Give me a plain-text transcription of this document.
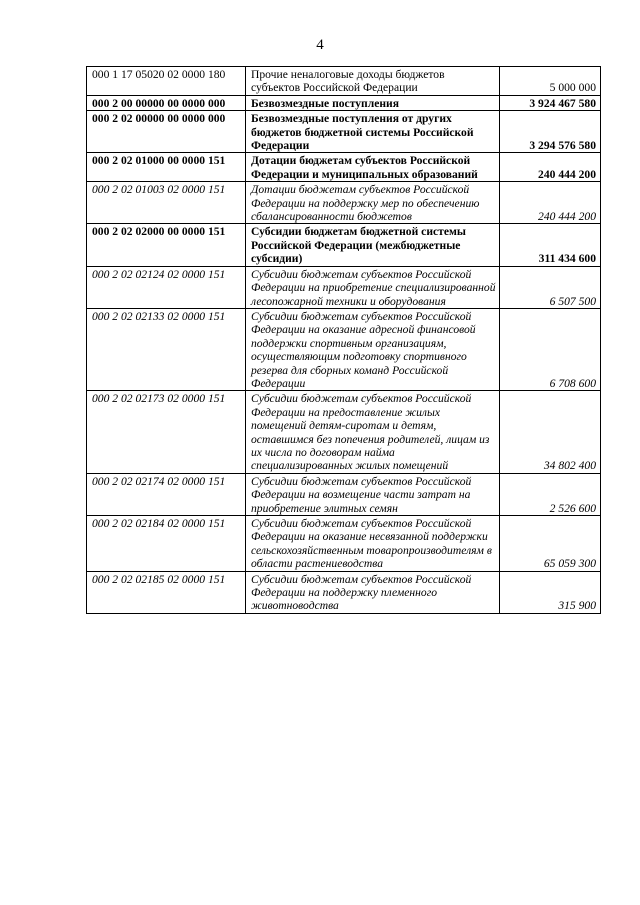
4
000 1 17 05020 02 0000 180	Прочие неналоговые доходы бюджетов субъектов Российской Федерации	5 000 000
000 2 00 00000 00 0000 000	Безвозмездные поступления	3 924 467 580
000 2 02 00000 00 0000 000	Безвозмездные поступления от других бюджетов бюджетной системы Российской Федерации	3 294 576 580
000 2 02 01000 00 0000 151	Дотации бюджетам субъектов Российской Федерации и муниципальных образований	240 444 200
000 2 02 01003 02 0000 151	Дотации бюджетам субъектов Российской Федерации на поддержку мер по обеспечению сбалансированности бюджетов	240 444 200
000 2 02 02000 00 0000 151	Субсидии бюджетам бюджетной системы Российской Федерации (межбюджетные субсидии)	311 434 600
000 2 02 02124 02 0000 151	Субсидии бюджетам субъектов Российской Федерации на приобретение специализированной лесопожарной техники и оборудования	6 507 500
000 2 02 02133 02 0000 151	Субсидии бюджетам субъектов Российской Федерации на оказание адресной финансовой поддержки спортивным организациям, осуществляющим подготовку спортивного резерва для сборных команд Российской Федерации	6 708 600
000 2 02 02173 02 0000 151	Субсидии бюджетам субъектов Российской Федерации на предоставление жилых помещений детям-сиротам и детям, оставшимся без попечения родителей, лицам из их числа по договорам найма специализированных жилых помещений	34 802 400
000 2 02 02174 02 0000 151	Субсидии бюджетам субъектов Российской Федерации на возмещение части затрат на приобретение элитных семян	2 526 600
000 2 02 02184 02 0000 151	Субсидии бюджетам субъектов Российской Федерации на оказание несвязанной поддержки сельскохозяйственным товаропроизводителям в области растениеводства	65 059 300
000 2 02 02185 02 0000 151	Субсидии бюджетам субъектов Российской Федерации на поддержку племенного животноводства	315 900
